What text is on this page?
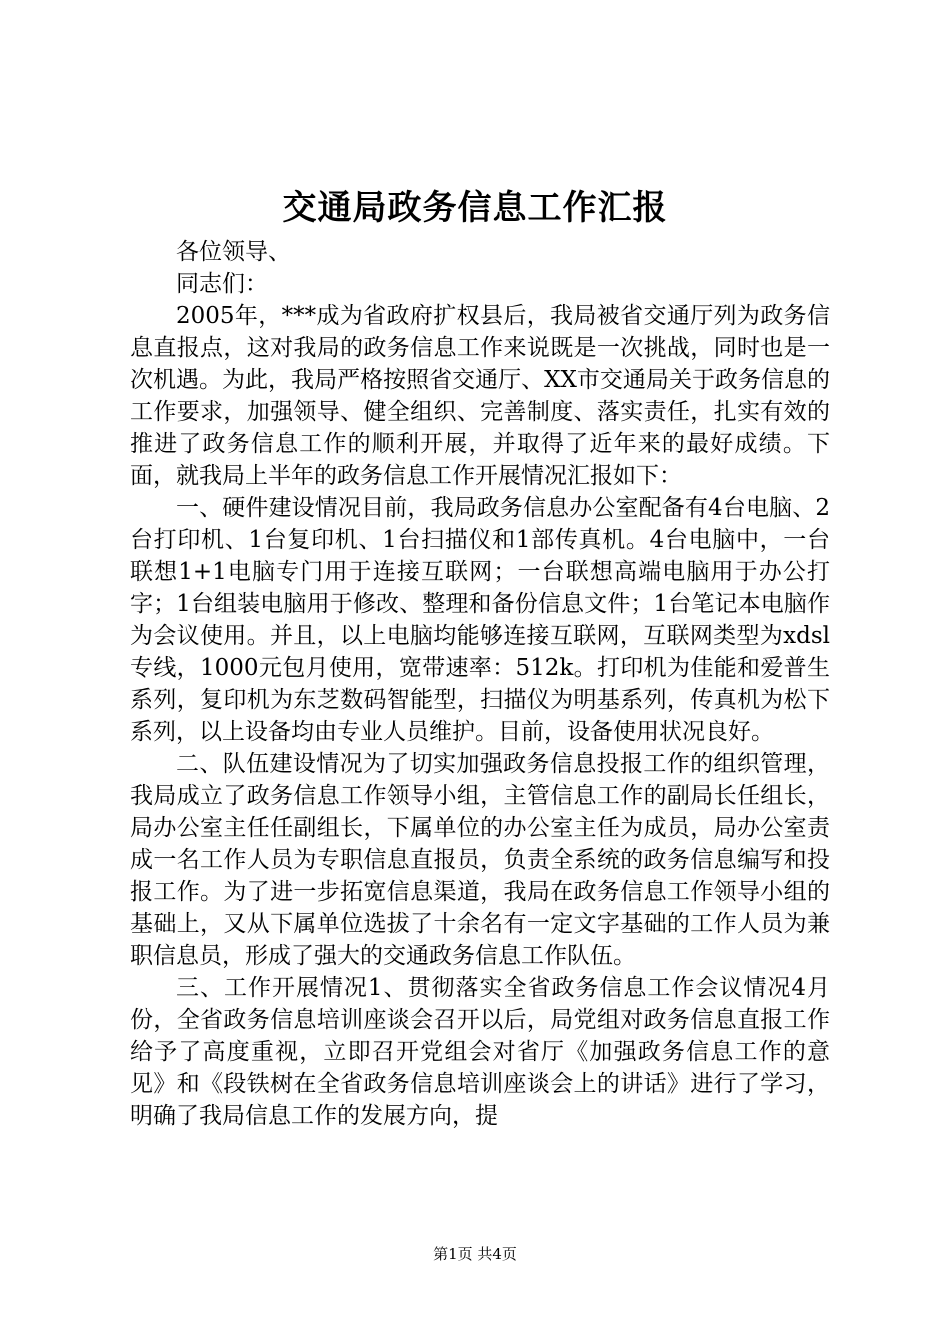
交通局政务信息工作汇报

各位领导、

同志们：

2005年，***成为省政府扩权县后，我局被省交通厅列为政务信息直报点，这对我局的政务信息工作来说既是一次挑战，同时也是一次机遇。为此，我局严格按照省交通厅、XX市交通局关于政务信息的工作要求，加强领导、健全组织、完善制度、落实责任，扎实有效的推进了政务信息工作的顺利开展，并取得了近年来的最好成绩。下面，就我局上半年的政务信息工作开展情况汇报如下：

一、硬件建设情况目前，我局政务信息办公室配备有4台电脑、2台打印机、1台复印机、1台扫描仪和1部传真机。4台电脑中，一台联想1+1电脑专门用于连接互联网；一台联想高端电脑用于办公打字；1台组装电脑用于修改、整理和备份信息文件；1台笔记本电脑作为会议使用。并且，以上电脑均能够连接互联网，互联网类型为xdsl专线，1000元包月使用，宽带速率：512k。打印机为佳能和爱普生系列，复印机为东芝数码智能型，扫描仪为明基系列，传真机为松下系列，以上设备均由专业人员维护。目前，设备使用状况良好。

二、队伍建设情况为了切实加强政务信息投报工作的组织管理，我局成立了政务信息工作领导小组，主管信息工作的副局长任组长，局办公室主任任副组长，下属单位的办公室主任为成员，局办公室责成一名工作人员为专职信息直报员，负责全系统的政务信息编写和投报工作。为了进一步拓宽信息渠道，我局在政务信息工作领导小组的基础上，又从下属单位选拔了十余名有一定文字基础的工作人员为兼职信息员，形成了强大的交通政务信息工作队伍。

三、工作开展情况1、贯彻落实全省政务信息工作会议情况4月份，全省政务信息培训座谈会召开以后，局党组对政务信息直报工作给予了高度重视，立即召开党组会对省厅《加强政务信息工作的意见》和《段铁树在全省政务信息培训座谈会上的讲话》进行了学习，明确了我局信息工作的发展方向，提

第1页 共4页
